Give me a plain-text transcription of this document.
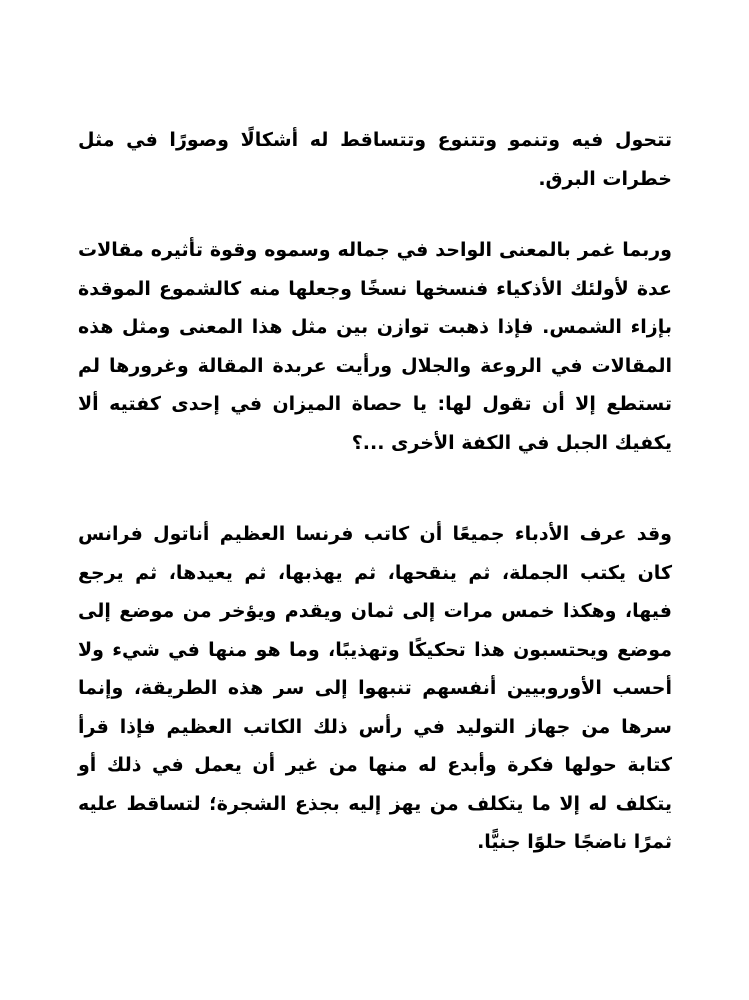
تتحول فيه وتنمو وتتنوع وتتساقط له أشكالًا وصورًا في مثل خطرات البرق.

وربما غمر بالمعنى الواحد في جماله وسموه وقوة تأثيره مقالات عدة لأولئك الأذكياء فنسخها نسخًا وجعلها منه كالشموع الموقدة بإزاء الشمس. فإذا ذهبت توازن بين مثل هذا المعنى ومثل هذه المقالات في الروعة والجلال ورأيت عربدة المقالة وغرورها لم تستطع إلا أن تقول لها: يا حصاة الميزان في إحدى كفتيه ألا يكفيك الجبل في الكفة الأخرى ...؟

وقد عرف الأدباء جميعًا أن كاتب فرنسا العظيم أناتول فرانس كان يكتب الجملة، ثم ينقحها، ثم يهذبها، ثم يعيدها، ثم يرجع فيها، وهكذا خمس مرات إلى ثمان ويقدم ويؤخر من موضع إلى موضع ويحتسبون هذا تحكيكًا وتهذيبًا، وما هو منها في شيء ولا أحسب الأوروبيين أنفسهم تنبهوا إلى سر هذه الطريقة، وإنما سرها من جهاز التوليد في رأس ذلك الكاتب العظيم فإذا قرأ كتابة حولها فكرة وأبدع له منها من غير أن يعمل في ذلك أو يتكلف له إلا ما يتكلف من يهز إليه بجذع الشجرة؛ لتساقط عليه ثمرًا ناضجًا حلوًا جنيًّا.
